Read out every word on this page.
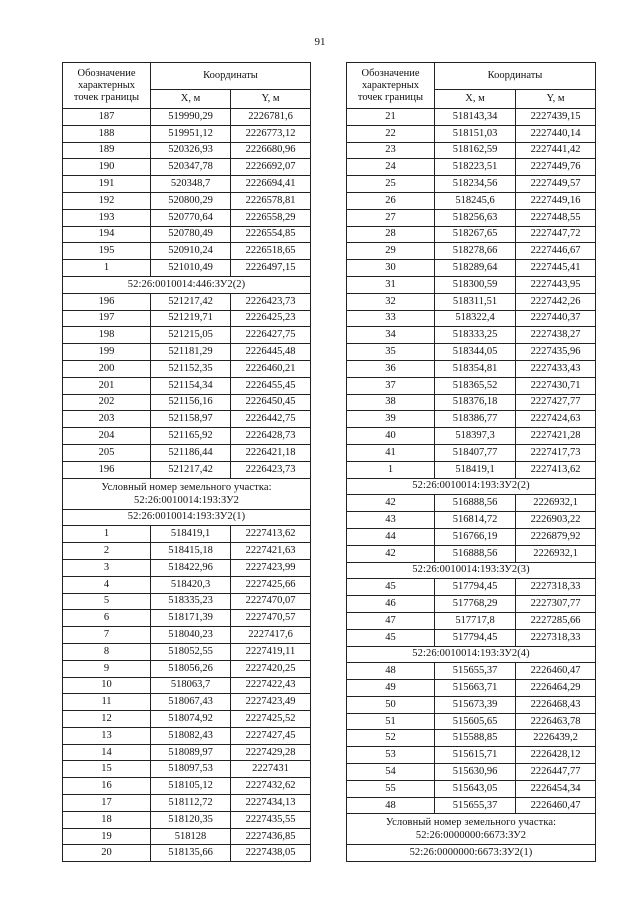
91
Обозначение характерных точек границы	Координаты	
	X, м	Y, м
187	519990,29	2226781,6
188	519951,12	2226773,12
189	520326,93	2226680,96
190	520347,78	2226692,07
191	520348,7	2226694,41
192	520800,29	2226578,81
193	520770,64	2226558,29
194	520780,49	2226554,85
195	520910,24	2226518,65
1	521010,49	2226497,15
52:26:0010014:446:ЗУ2(2)		
196	521217,42	2226423,73
197	521219,71	2226425,23
198	521215,05	2226427,75
199	521181,29	2226445,48
200	521152,35	2226460,21
201	521154,34	2226455,45
202	521156,16	2226450,45
203	521158,97	2226442,75
204	521165,92	2226428,73
205	521186,44	2226421,18
196	521217,42	2226423,73
Условный номер земельного участка: 52:26:0010014:193:ЗУ2		
52:26:0010014:193:ЗУ2(1)		
1	518419,1	2227413,62
2	518415,18	2227421,63
3	518422,96	2227423,99
4	518420,3	2227425,66
5	518335,23	2227470,07
6	518171,39	2227470,57
7	518040,23	2227417,6
8	518052,55	2227419,11
9	518056,26	2227420,25
10	518063,7	2227422,43
11	518067,43	2227423,49
12	518074,92	2227425,52
13	518082,43	2227427,45
14	518089,97	2227429,28
15	518097,53	2227431
16	518105,12	2227432,62
17	518112,72	2227434,13
18	518120,35	2227435,55
19	518128	2227436,85
20	518135,66	2227438,05
Обозначение характерных точек границы	Координаты	
	X, м	Y, м
21	518143,34	2227439,15
22	518151,03	2227440,14
23	518162,59	2227441,42
24	518223,51	2227449,76
25	518234,56	2227449,57
26	518245,6	2227449,16
27	518256,63	2227448,55
28	518267,65	2227447,72
29	518278,66	2227446,67
30	518289,64	2227445,41
31	518300,59	2227443,95
32	518311,51	2227442,26
33	518322,4	2227440,37
34	518333,25	2227438,27
35	518344,05	2227435,96
36	518354,81	2227433,43
37	518365,52	2227430,71
38	518376,18	2227427,77
39	518386,77	2227424,63
40	518397,3	2227421,28
41	518407,77	2227417,73
1	518419,1	2227413,62
52:26:0010014:193:ЗУ2(2)		
42	516888,56	2226932,1
43	516814,72	2226903,22
44	516766,19	2226879,92
42	516888,56	2226932,1
52:26:0010014:193:ЗУ2(3)		
45	517794,45	2227318,33
46	517768,29	2227307,77
47	517717,8	2227285,66
45	517794,45	2227318,33
52:26:0010014:193:ЗУ2(4)		
48	515655,37	2226460,47
49	515663,71	2226464,29
50	515673,39	2226468,43
51	515605,65	2226463,78
52	515588,85	2226439,2
53	515615,71	2226428,12
54	515630,96	2226447,77
55	515643,05	2226454,34
48	515655,37	2226460,47
Условный номер земельного участка: 52:26:0000000:6673:ЗУ2		
52:26:0000000:6673:ЗУ2(1)		
